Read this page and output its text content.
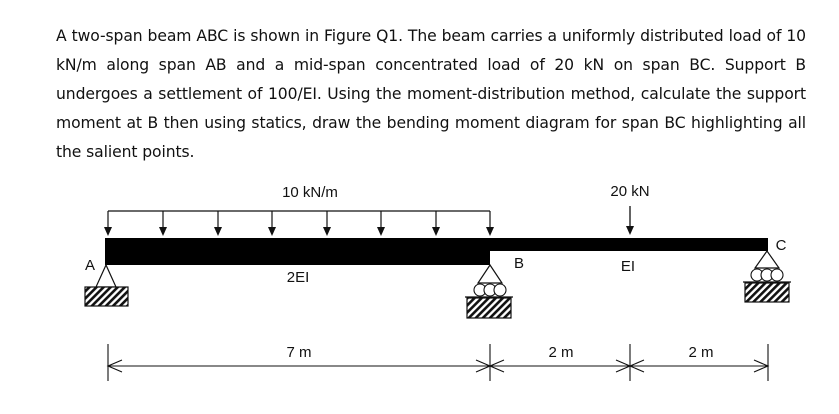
A two-span beam ABC is shown in Figure Q1. The beam carries a uniformly distributed load of 10 kN/m along span AB and a mid-span concentrated load of 20 kN on span BC. Support B undergoes a settlement of 100/EI. Using the moment-distribution method, calculate the support moment at B then using statics, draw the bending moment diagram for span BC highlighting all the salient points.
10 kN/m	20 kN
A	B
C
2EI
EI
7 m	2 m	2 m
